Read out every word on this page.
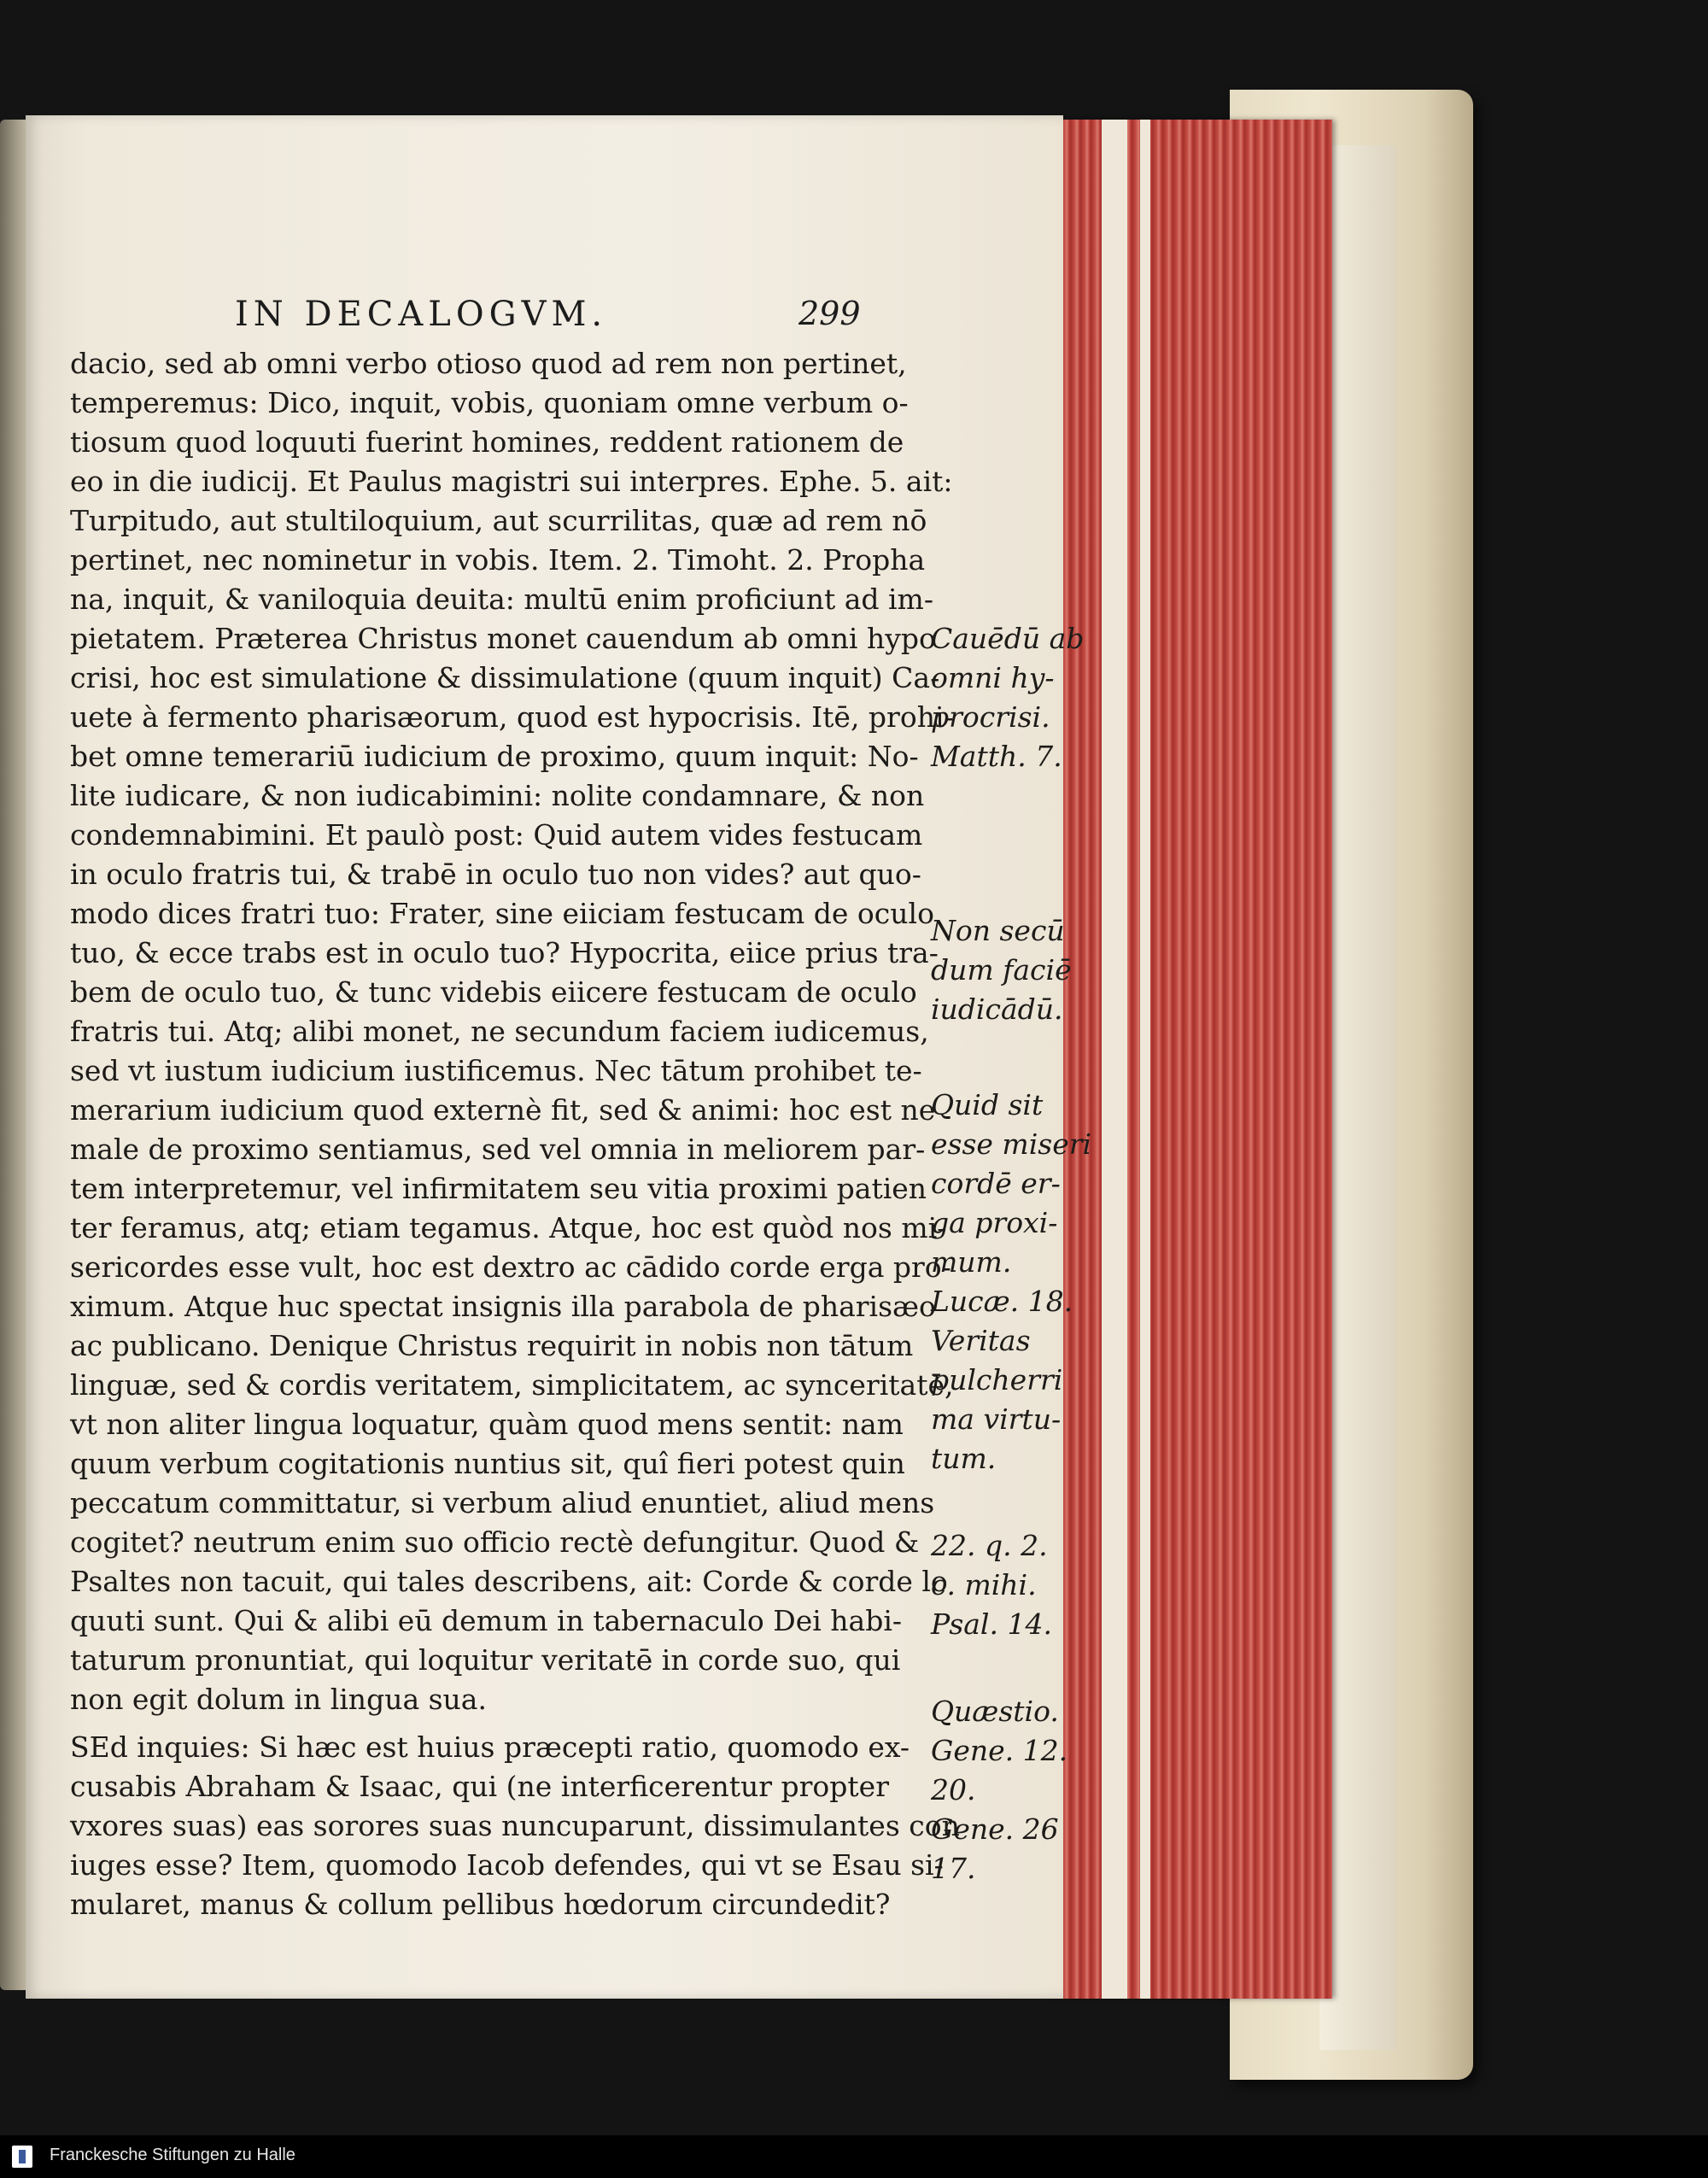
IN DECALOGVM.	299
Cauēdū ab
omni hy-
procrisi.
Matth. 7.
Non secū
dum faciē
iudicādū.
Quid sit
esse miseri
cordē er-
ga proxi-
mum.
Lucæ. 18.
Veritas
pulcherri
ma virtu-
tum.
22. q. 2.
c. mihi.
Psal. 14.
Quæstio.
Gene. 12.
20.
Gene. 26
17.
dacio, sed ab omni verbo otioso quod ad rem non pertinet,
temperemus: Dico, inquit, vobis, quoniam omne verbum o-
tiosum quod loquuti fuerint homines, reddent rationem de
eo in die iudicij. Et Paulus magistri sui interpres. Ephe. 5. ait:
Turpitudo, aut stultiloquium, aut scurrilitas, quæ ad rem nō
pertinet, nec nominetur in vobis. Item. 2. Timoht. 2. Propha
na, inquit, & vaniloquia deuita: multū enim proficiunt ad im-
pietatem. Præterea Christus monet cauendum ab omni hypo
crisi, hoc est simulatione & dissimulatione (quum inquit) Ca-
uete à fermento pharisæorum, quod est hypocrisis. Itē, prohi-
bet omne temerariū iudicium de proximo, quum inquit: No-
lite iudicare, & non iudicabimini: nolite condamnare, & non
condemnabimini. Et paulò post: Quid autem vides festucam
in oculo fratris tui, & trabē in oculo tuo non vides? aut quo-
modo dices fratri tuo: Frater, sine eiiciam festucam de oculo
tuo, & ecce trabs est in oculo tuo? Hypocrita, eiice prius tra-
bem de oculo tuo, & tunc videbis eiicere festucam de oculo
fratris tui. Atq; alibi monet, ne secundum faciem iudicemus,
sed vt iustum iudicium iustificemus. Nec tātum prohibet te-
merarium iudicium quod externè fit, sed & animi: hoc est ne
male de proximo sentiamus, sed vel omnia in meliorem par-
tem interpretemur, vel infirmitatem seu vitia proximi patien
ter feramus, atq; etiam tegamus. Atque, hoc est quòd nos mi-
sericordes esse vult, hoc est dextro ac cādido corde erga pro-
ximum. Atque huc spectat insignis illa parabola de pharisæo
ac publicano. Denique Christus requirit in nobis non tātum
linguæ, sed & cordis veritatem, simplicitatem, ac synceritatē,
vt non aliter lingua loquatur, quàm quod mens sentit: nam
quum verbum cogitationis nuntius sit, quî fieri potest quin
peccatum committatur, si verbum aliud enuntiet, aliud mens
cogitet? neutrum enim suo officio rectè defungitur. Quod &
Psaltes non tacuit, qui tales describens, ait: Corde & corde lo
quuti sunt. Qui & alibi eū demum in tabernaculo Dei habi-
taturum pronuntiat, qui loquitur veritatē in corde suo, qui
non egit dolum in lingua sua.
SEd inquies: Si hæc est huius præcepti ratio, quomodo ex-
cusabis Abraham & Isaac, qui (ne interficerentur propter
vxores suas) eas sorores suas nuncuparunt, dissimulantes con
iuges esse? Item, quomodo Iacob defendes, qui vt se Esau si-
mularet, manus & collum pellibus hœdorum circundedit?
Franckesche Stiftungen zu Halle
